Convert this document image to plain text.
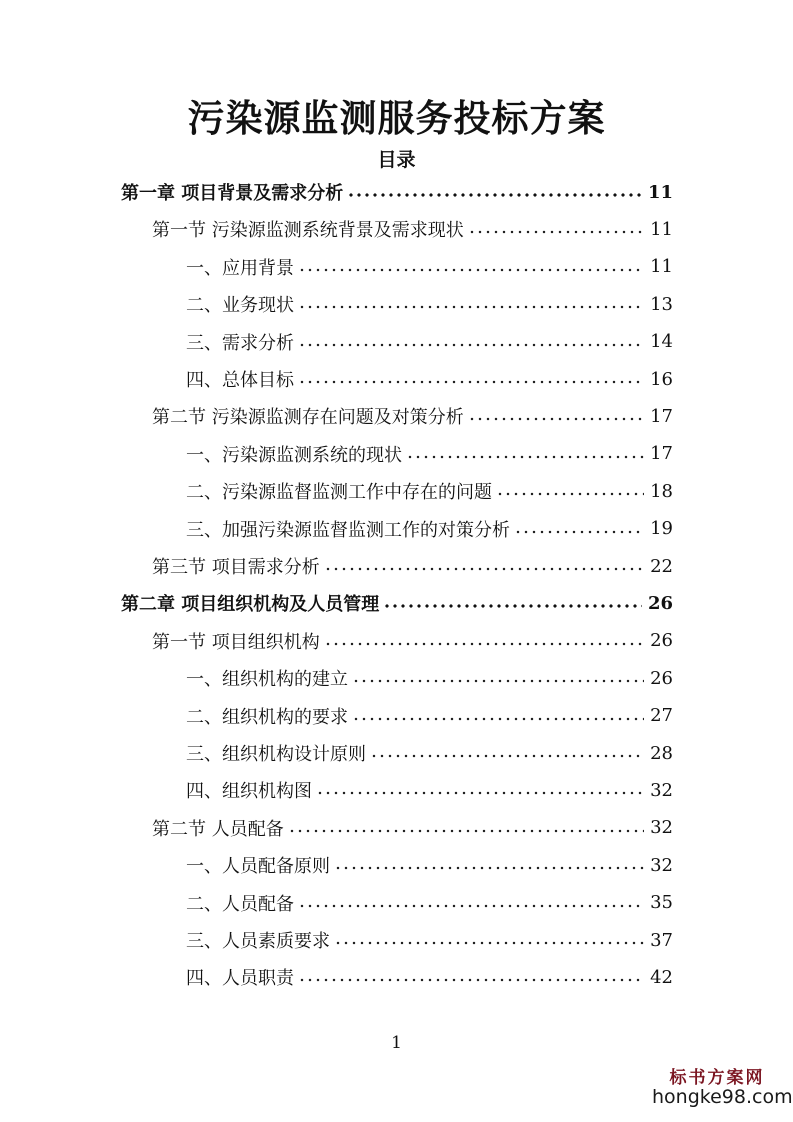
污染源监测服务投标方案
目录
第一章 项目背景及需求分析	11
第一节 污染源监测系统背景及需求现状	11
一、应用背景	11
二、业务现状	13
三、需求分析	14
四、总体目标	16
第二节 污染源监测存在问题及对策分析	17
一、污染源监测系统的现状	17
二、污染源监督监测工作中存在的问题	18
三、加强污染源监督监测工作的对策分析	19
第三节 项目需求分析	22
第二章 项目组织机构及人员管理	26
第一节 项目组织机构	26
一、组织机构的建立	26
二、组织机构的要求	27
三、组织机构设计原则	28
四、组织机构图	32
第二节 人员配备	32
一、人员配备原则	32
二、人员配备	35
三、人员素质要求	37
四、人员职责	42
1
标书方案网
hongke98.com
